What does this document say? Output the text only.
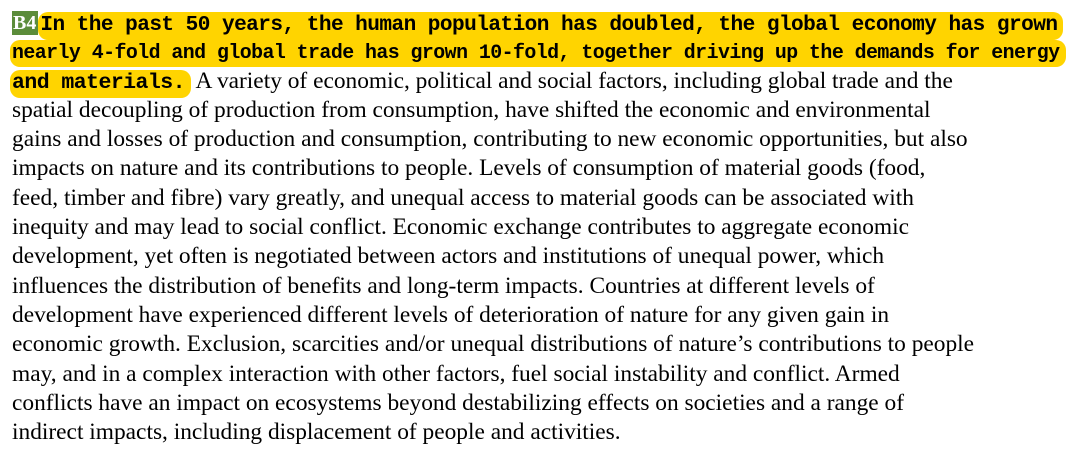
B4 In the past 50 years, the human population has doubled, the global economy has grown
nearly 4-fold and global trade has grown 10-fold, together driving up the demands for energy
and materials. A variety of economic, political and social factors, including global trade and the
spatial decoupling of production from consumption, have shifted the economic and environmental
gains and losses of production and consumption, contributing to new economic opportunities, but also
impacts on nature and its contributions to people. Levels of consumption of material goods (food,
feed, timber and fibre) vary greatly, and unequal access to material goods can be associated with
inequity and may lead to social conflict. Economic exchange contributes to aggregate economic
development, yet often is negotiated between actors and institutions of unequal power, which
influences the distribution of benefits and long-term impacts. Countries at different levels of
development have experienced different levels of deterioration of nature for any given gain in
economic growth. Exclusion, scarcities and/or unequal distributions of nature’s contributions to people
may, and in a complex interaction with other factors, fuel social instability and conflict. Armed
conflicts have an impact on ecosystems beyond destabilizing effects on societies and a range of
indirect impacts, including displacement of people and activities.
